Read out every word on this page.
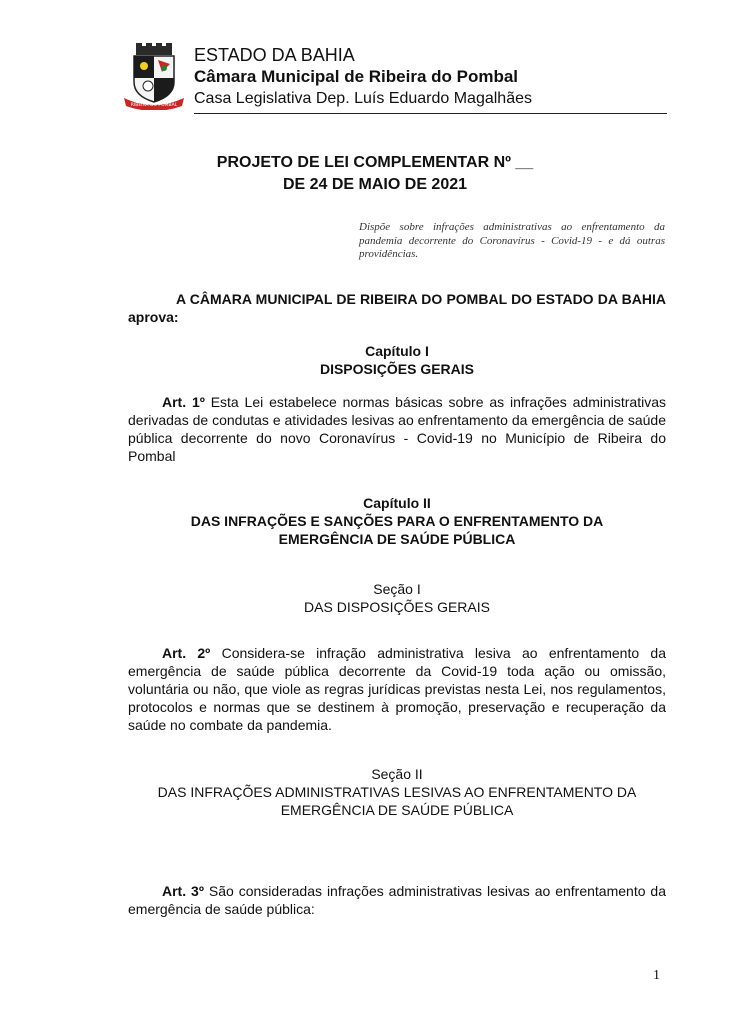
RIBEIRA DO POMBAL
ESTADO DA BAHIA
Câmara Municipal de Ribeira do Pombal
Casa Legislativa Dep. Luís Eduardo Magalhães
PROJETO DE LEI COMPLEMENTAR Nº __
DE 24 DE MAIO DE 2021
Dispõe sobre infrações administrativas ao enfrentamento da pandemia decorrente do Coronavírus - Covid-19 - e dá outras providências.
A CÂMARA MUNICIPAL DE RIBEIRA DO POMBAL DO ESTADO DA BAHIA aprova:
Capítulo I
DISPOSIÇÕES GERAIS
Art. 1º Esta Lei estabelece normas básicas sobre as infrações administrativas derivadas de condutas e atividades lesivas ao enfrentamento da emergência de saúde pública decorrente do novo Coronavírus - Covid-19 no Município de Ribeira do Pombal
Capítulo II
DAS INFRAÇÕES E SANÇÕES PARA O ENFRENTAMENTO DA
EMERGÊNCIA DE SAÚDE PÚBLICA
Seção I
DAS DISPOSIÇÕES GERAIS
Art. 2º Considera-se infração administrativa lesiva ao enfrentamento da emergência de saúde pública decorrente da Covid-19 toda ação ou omissão, voluntária ou não, que viole as regras jurídicas previstas nesta Lei, nos regulamentos, protocolos e normas que se destinem à promoção, preservação e recuperação da saúde no combate da pandemia.
Seção II
DAS INFRAÇÕES ADMINISTRATIVAS LESIVAS AO ENFRENTAMENTO DA
EMERGÊNCIA DE SAÚDE PÚBLICA
Art. 3º São consideradas infrações administrativas lesivas ao enfrentamento da emergência de saúde pública:
1
